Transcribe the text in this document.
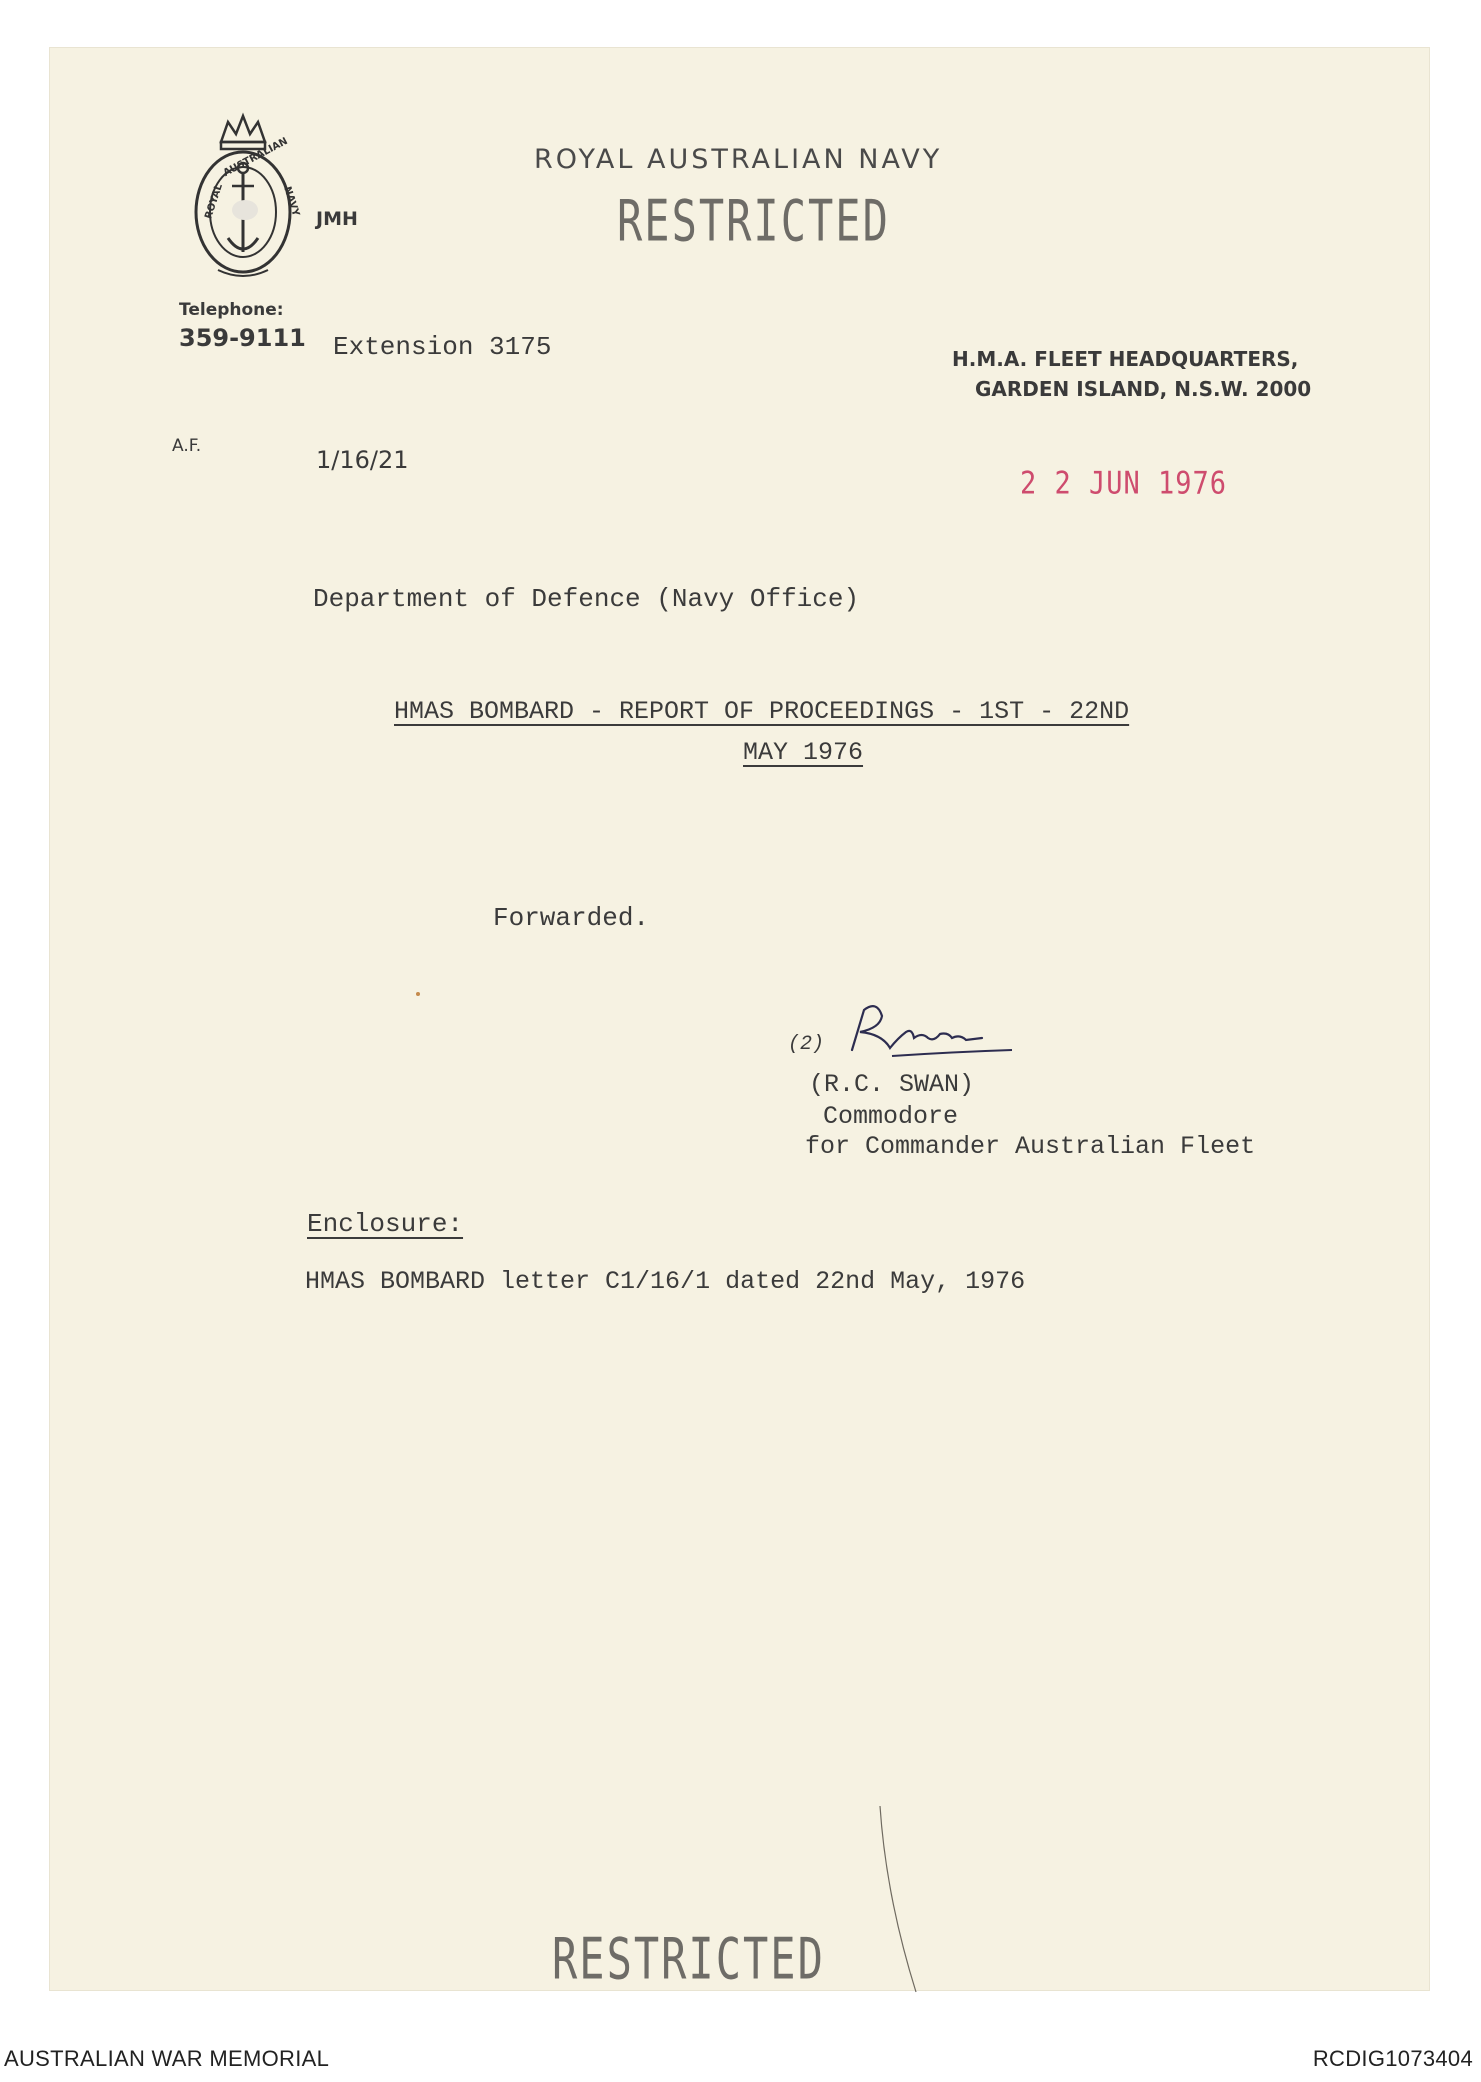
ROYAL
AUSTRALIAN
NAVY
JMH
ROYAL AUSTRALIAN NAVY
RESTRICTED
Telephone:
359-9111 Extension 3175	H.M.A. FLEET HEADQUARTERS,
GARDEN ISLAND, N.S.W. 2000
A.F.	1/16/21
2 2 JUN 1976
Department of Defence (Navy Office)
HMAS BOMBARD - REPORT OF PROCEEDINGS - 1ST - 22ND
MAY 1976
Forwarded.
(2)
(R.C. SWAN)
Commodore
for Commander Australian Fleet
Enclosure:
HMAS BOMBARD letter C1/16/1 dated 22nd May, 1976
RESTRICTED
AUSTRALIAN WAR MEMORIAL	RCDIG1073404
